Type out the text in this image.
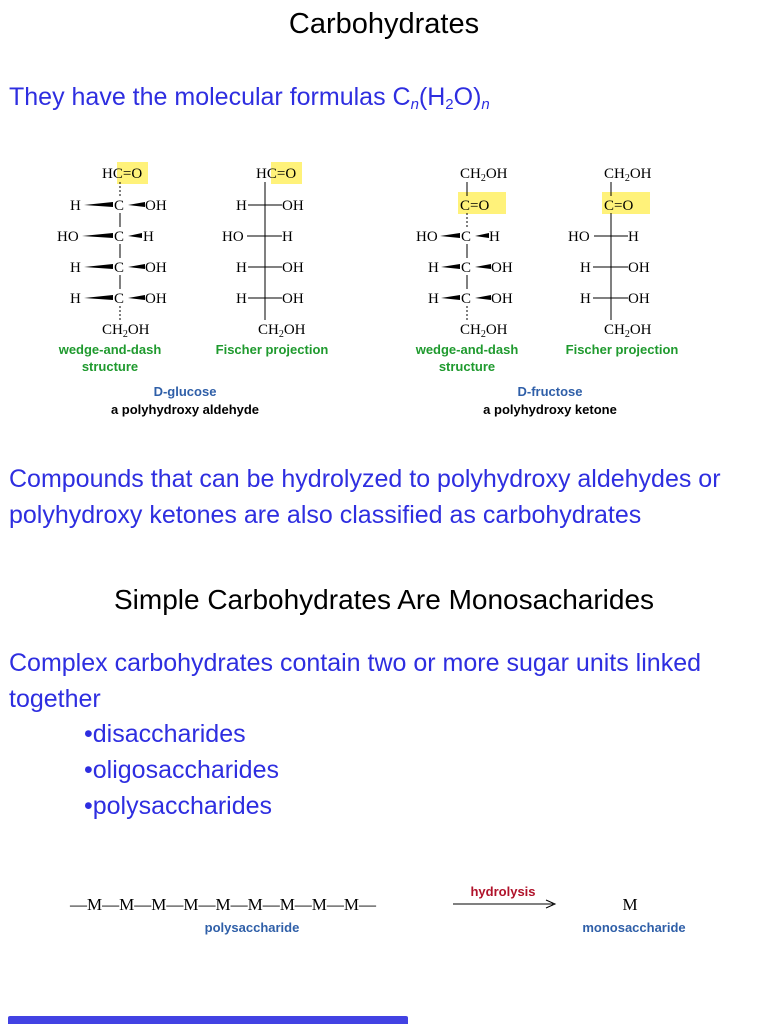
Carbohydrates
They have the molecular formulas $C_n(H_2O)_n$
HC=O
H C OH
HO C H
H C OH
H C OH
$CH_2OH$
HC=O
H OH
HO	H
H OH
H OH
$CH_2OH$
$CH_2OH$
C=O
HO C H
H C OH
H C OH
$CH_2OH$
$CH_2OH$
C=O
HO	H
H OH
H OH
$CH_2OH$
wedge-and-dash
structure
Fischer projection	wedge-and-dash
structure
Fischer projection
D-glucose
a polyhydroxy aldehyde
D-fructose
a polyhydroxy ketone
Compounds that can be hydrolyzed to polyhydroxy aldehydes or polyhydroxy ketones are also classified as carbohydrates
Simple Carbohydrates Are Monosacharides
Complex carbohydrates contain two or more sugar units linked together
•disaccharides
•oligosaccharides
•polysaccharides
—M—M—M—M—M—M—M—M—M—
polysaccharide
hydrolysis
M
monosaccharide
